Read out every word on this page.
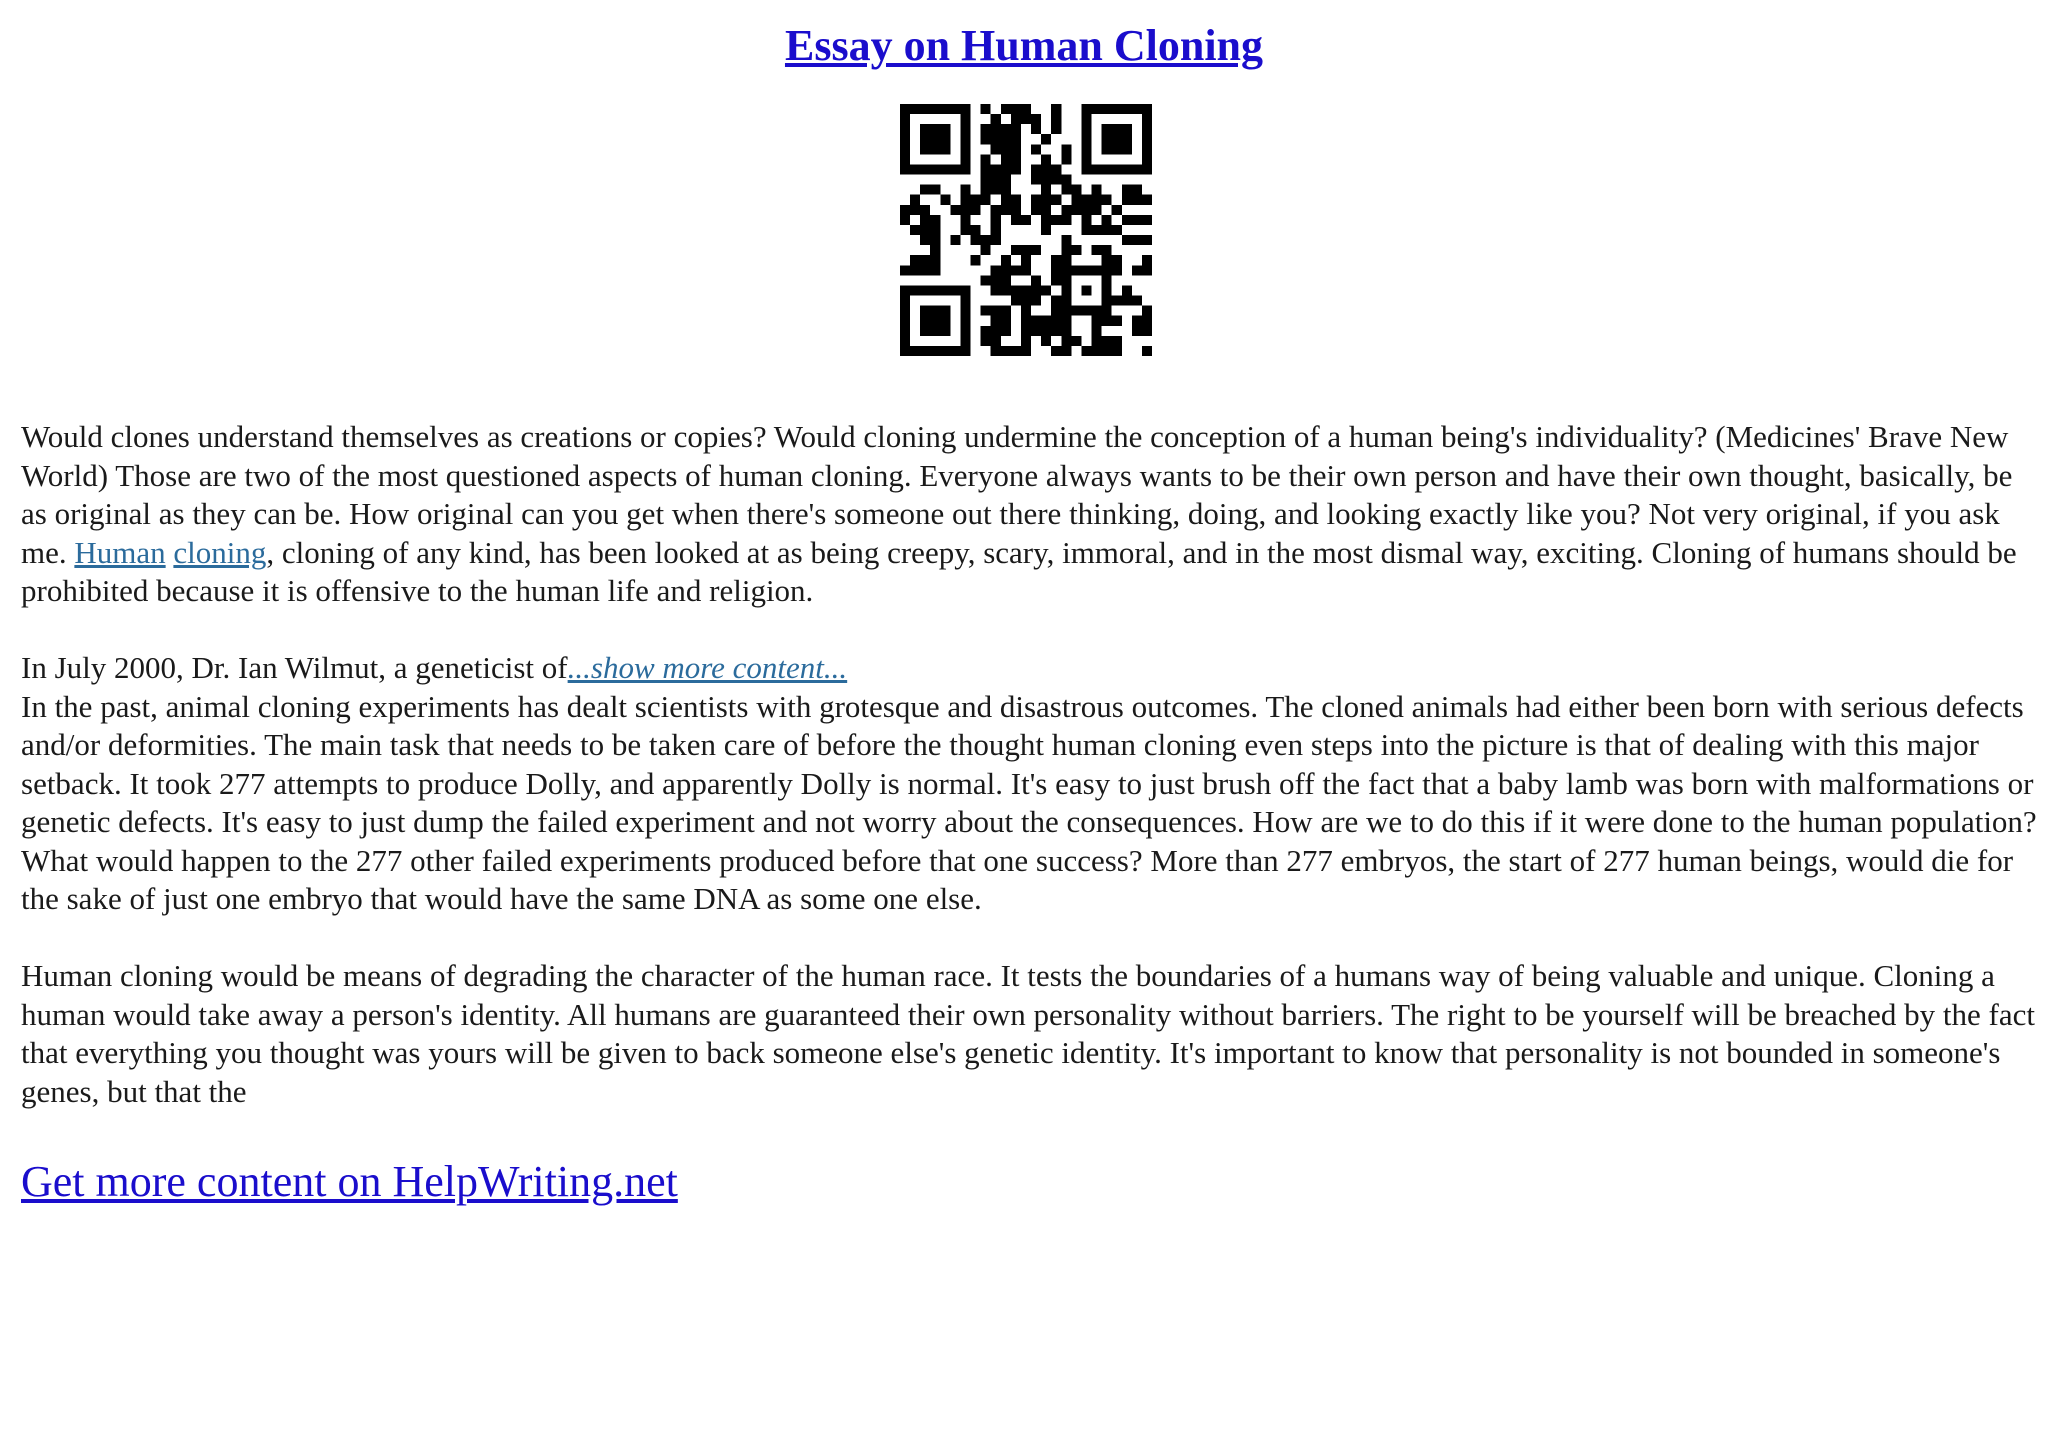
Essay on Human Cloning

Would clones understand themselves as creations or copies? Would cloning undermine the conception of a human being's individuality? (Medicines' Brave New World) Those are two of the most questioned aspects of human cloning. Everyone always wants to be their own person and have their own thought, basically, be as original as they can be. How original can you get when there's someone out there thinking, doing, and looking exactly like you? Not very original, if you ask me. Human cloning, cloning of any kind, has been looked at as being creepy, scary, immoral, and in the most dismal way, exciting. Cloning of humans should be prohibited because it is offensive to the human life and religion.

In July 2000, Dr. Ian Wilmut, a geneticist of...show more content...

In the past, animal cloning experiments has dealt scientists with grotesque and disastrous outcomes. The cloned animals had either been born with serious defects and/or deformities. The main task that needs to be taken care of before the thought human cloning even steps into the picture is that of dealing with this major setback. It took 277 attempts to produce Dolly, and apparently Dolly is normal. It's easy to just brush off the fact that a baby lamb was born with malformations or genetic defects. It's easy to just dump the failed experiment and not worry about the consequences. How are we to do this if it were done to the human population? What would happen to the 277 other failed experiments produced before that one success? More than 277 embryos, the start of 277 human beings, would die for the sake of just one embryo that would have the same DNA as some one else.

Human cloning would be means of degrading the character of the human race. It tests the boundaries of a humans way of being valuable and unique. Cloning a human would take away a person's identity. All humans are guaranteed their own personality without barriers. The right to be yourself will be breached by the fact that everything you thought was yours will be given to back someone else's genetic identity. It's important to know that personality is not bounded in someone's genes, but that the

Get more content on HelpWriting.net
